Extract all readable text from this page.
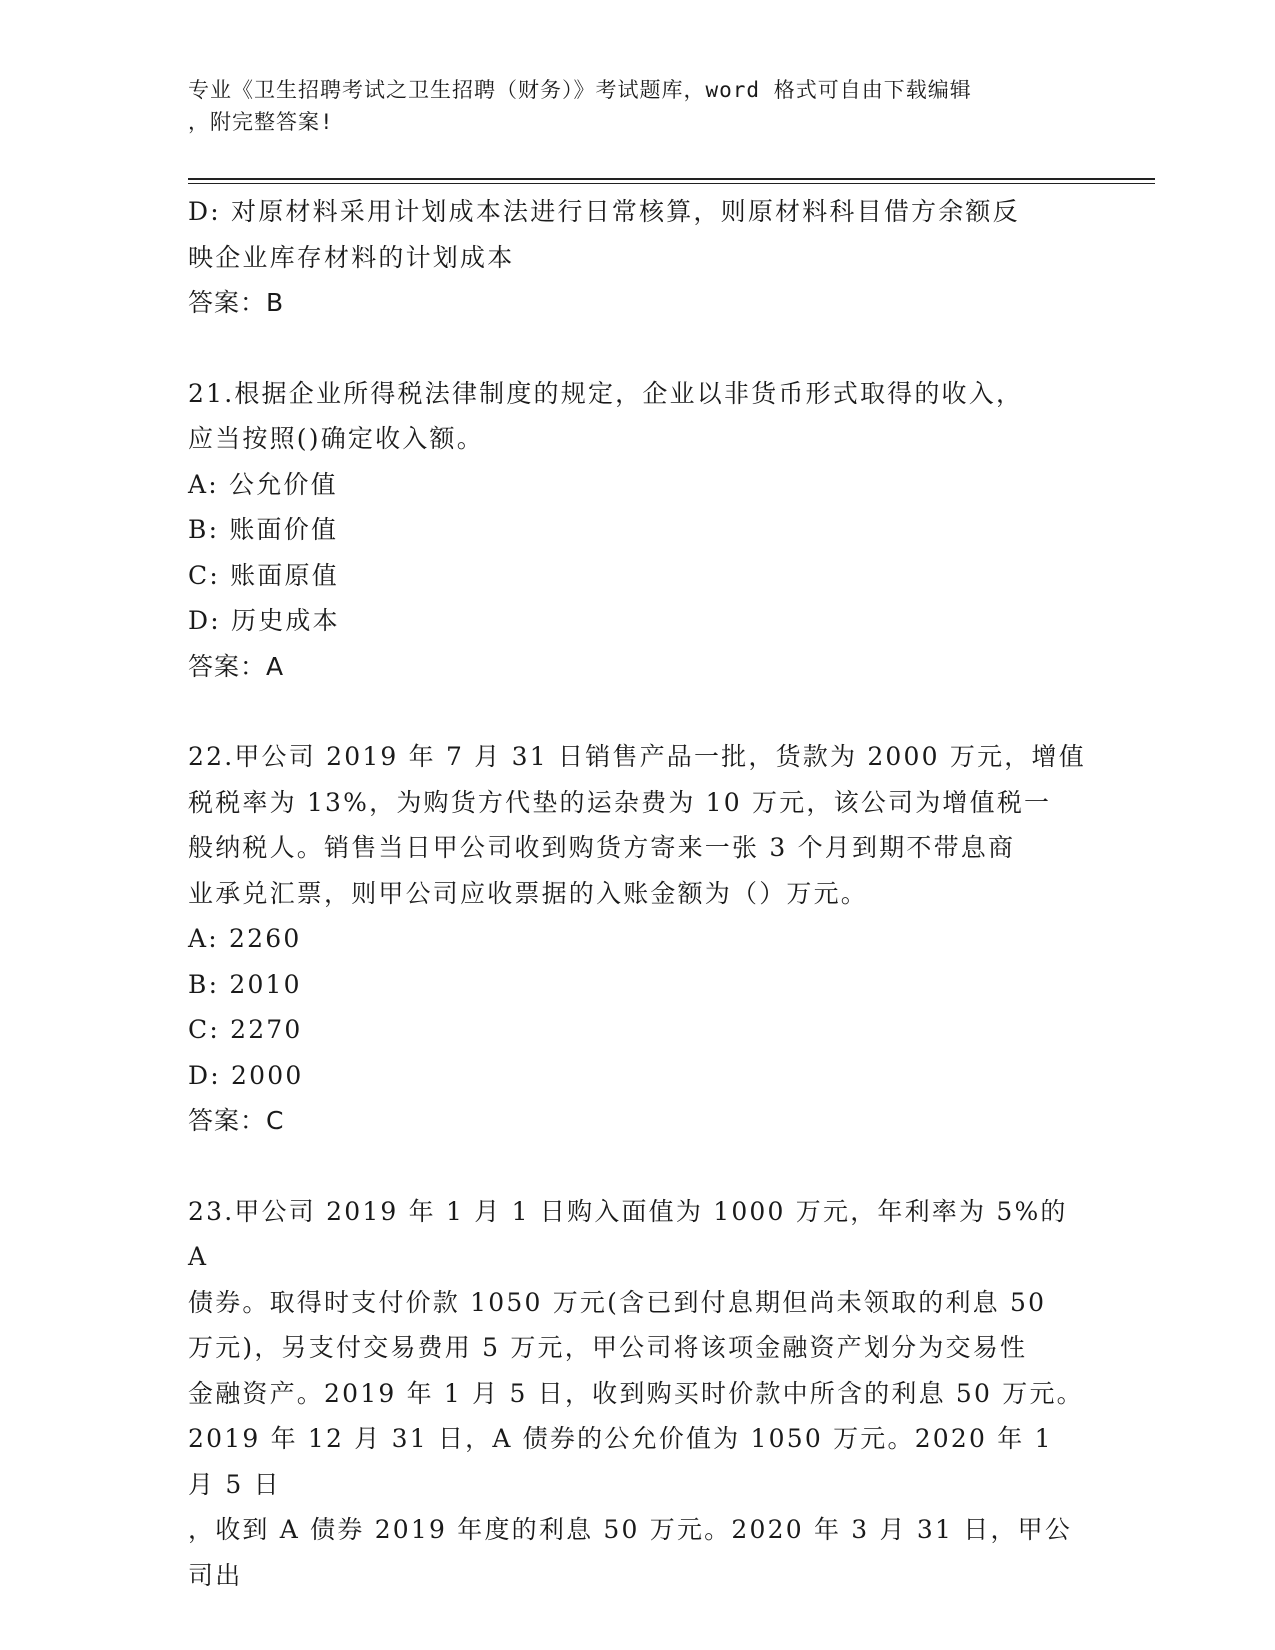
专业《卫生招聘考试之卫生招聘（财务）》考试题库，word 格式可自由下载编辑
，附完整答案!

D: 对原材料采用计划成本法进行日常核算，则原材料科目借方余额反

映企业库存材料的计划成本

答案：B

21.根据企业所得税法律制度的规定，企业以非货币形式取得的收入，

应当按照()确定收入额。

A: 公允价值

B: 账面价值

C: 账面原值

D: 历史成本

答案：A

22.甲公司 2019 年 7 月 31 日销售产品一批，货款为 2000 万元，增值

税税率为 13%，为购货方代垫的运杂费为 10 万元，该公司为增值税一

般纳税人。销售当日甲公司收到购货方寄来一张 3 个月到期不带息商

业承兑汇票，则甲公司应收票据的入账金额为（）万元。

A: 2260

B: 2010

C: 2270

D: 2000

答案：C

23.甲公司 2019 年 1 月 1 日购入面值为 1000 万元，年利率为 5%的 A

债券。取得时支付价款 1050 万元(含已到付息期但尚未领取的利息 50

万元)，另支付交易费用 5 万元，甲公司将该项金融资产划分为交易性

金融资产。2019 年 1 月 5 日，收到购买时价款中所含的利息 50 万元。

2019 年 12 月 31 日，A 债券的公允价值为 1050 万元。2020 年 1 月 5 日

，收到 A 债券 2019 年度的利息 50 万元。2020 年 3 月 31 日，甲公司出
